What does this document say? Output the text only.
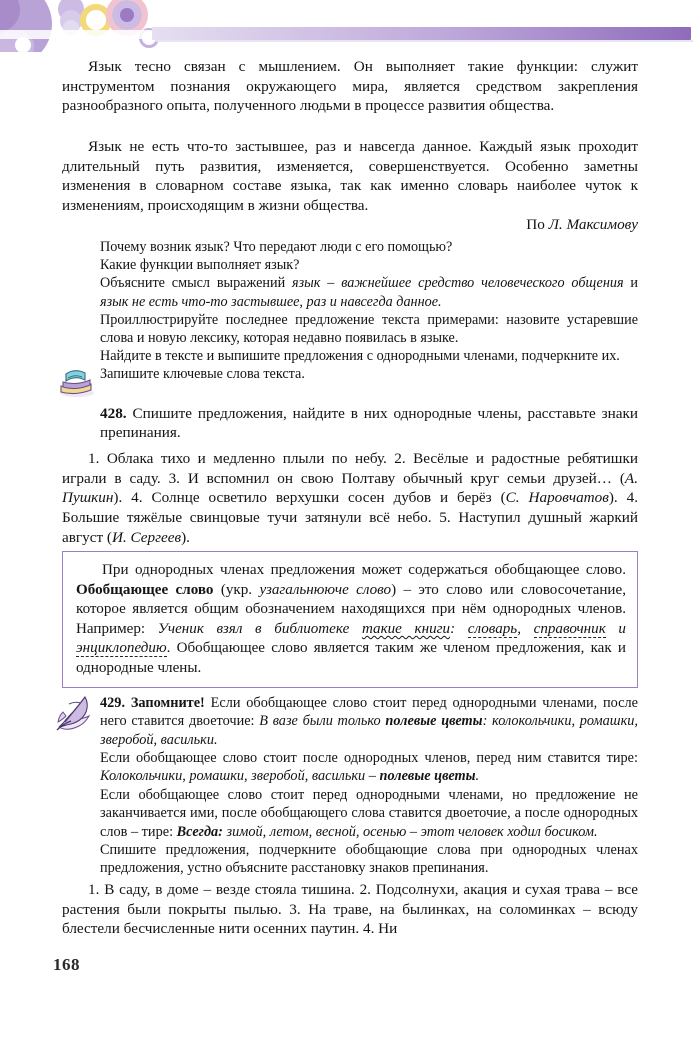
Язык тесно связан с мышлением. Он выполняет такие функции: служит инструментом познания окружающего мира, является средством закрепления разнообразного опыта, полученного людьми в процессе развития общества.

Язык не есть что-то застывшее, раз и навсегда данное. Каждый язык проходит длительный путь развития, изменяется, совершенствуется. Особенно заметны изменения в словарном составе языка, так как именно словарь наиболее чуток к изменениям, происходящим в жизни общества.

По Л. Максимову

Почему возник язык? Что передают люди с его помощью?

Какие функции выполняет язык?

Объясните смысл выражений язык – важнейшее средство человеческого общения и язык не есть что-то застывшее, раз и навсегда данное.

Проиллюстрируйте последнее предложение текста примерами: назовите устаревшие слова и новую лексику, которая недавно появилась в языке.

Найдите в тексте и выпишите предложения с однородными членами, подчеркните их.

Запишите ключевые слова текста.

428. Спишите предложения, найдите в них однородные члены, расставьте знаки препинания.

1. Облака тихо и медленно плыли по небу. 2. Весёлые и радостные ребятишки играли в саду. 3. И вспомнил он свою Полтаву обычный круг семьи друзей… (А. Пушкин). 4. Солнце осветило верхушки сосен дубов и берёз (С. Наровчатов). 4. Большие тяжёлые свинцовые тучи затянули всё небо. 5. Наступил душный жаркий август (И. Сергеев).

При однородных членах предложения может содержаться обобщающее слово. Обобщающее слово (укр. узагальнююче слово) – это слово или словосочетание, которое является общим обозначением находящихся при нём однородных членов. Например: Ученик взял в библиотеке такие книги: словарь, справочник и энциклопедию. Обобщающее слово является таким же членом предложения, как и однородные члены.

429. Запомните! Если обобщающее слово стоит перед однородными членами, после него ставится двоеточие: В вазе были только полевые цветы: колокольчики, ромашки, зверобой, васильки.

Если обобщающее слово стоит после однородных членов, перед ним ставится тире: Колокольчики, ромашки, зверобой, васильки – полевые цветы.

Если обобщающее слово стоит перед однородными членами, но предложение не заканчивается ими, после обобщающего слова ставится двоеточие, а после однородных слов – тире: Всегда: зимой, летом, весной, осенью – этот человек ходил босиком.

Спишите предложения, подчеркните обобщающие слова при однородных членах предложения, устно объясните расстановку знаков препинания.

1. В саду, в доме – везде стояла тишина. 2. Подсолнухи, акация и сухая трава – все растения были покрыты пылью. 3. На траве, на былинках, на соломинках – всюду блестели бесчисленные нити осенних паутин. 4. Ни

168
